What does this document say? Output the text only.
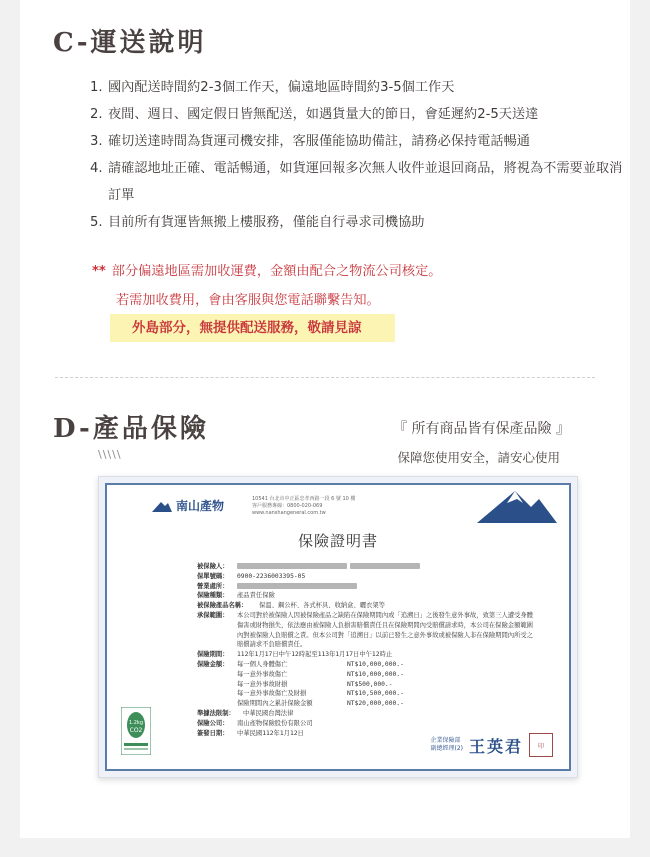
C-運送說明
1. 國內配送時間約2-3個工作天，偏遠地區時間約3-5個工作天
2. 夜間、週日、國定假日皆無配送，如遇貨量大的節日，會延遲約2-5天送達
3. 確切送達時間為貨運司機安排，客服僅能協助備註，請務必保持電話暢通
4. 請確認地址正確、電話暢通，如貨運回報多次無人收件並退回商品，將視為不需要並取消訂單
5. 目前所有貨運皆無搬上樓服務，僅能自行尋求司機協助
** 部分偏遠地區需加收運費，金額由配合之物流公司核定。
若需加收費用，會由客服與您電話聯繫告知。
外島部分，無提供配送服務，敬請見諒
D-產品保險
\\\\\
『 所有商品皆有保產品險 』
保障您使用安全，請安心使用
南山產物	10541 台北市中正區忠孝西路一段 6 號 10 樓
客戶服務專線：0800-020-069
www.nanshangeneral.com.tw
保險證明書
被保險人：
保單號碼：	0900-2236003395-05
營業處所：
保險種類：	產品責任保險
被保險產品名稱：	保溫、鋼公杯、各式杯具、收納盒、曬衣架等
承保範圍：	本公司對於被保險人因被保險產品之缺陷在保險期間內或「追溯日」之後發生意外事故，致第三人遭受身體傷害或財物損失，依法應由被保險人負損害賠償責任且在保險期間內受賠償請求時，本公司在保險金額範圍內對被保險人負賠償之責。但本公司對「追溯日」以前已發生之意外事故或被保險人非在保險期間內所受之賠償請求不負賠償責任。
保險期間：	112年1月17日中午12時起至113年1月17日中午12時止
保險金額：	每一個人身體傷亡	NT$10,000,000.-
每一意外事故傷亡	NT$10,000,000.-
每一意外事故財損	NT$500,000.-
每一意外事故傷亡及財損	NT$10,500,000.-
保險期間內之累計保險金額	NT$20,000,000.-
準據法限制：	中華民國台灣法律
保險公司：	南山產物保險股份有限公司
簽發日期：	中華民國112年1月12日
1.2kg
CO2
企業保險部
副總經理(2) 王英君	印
